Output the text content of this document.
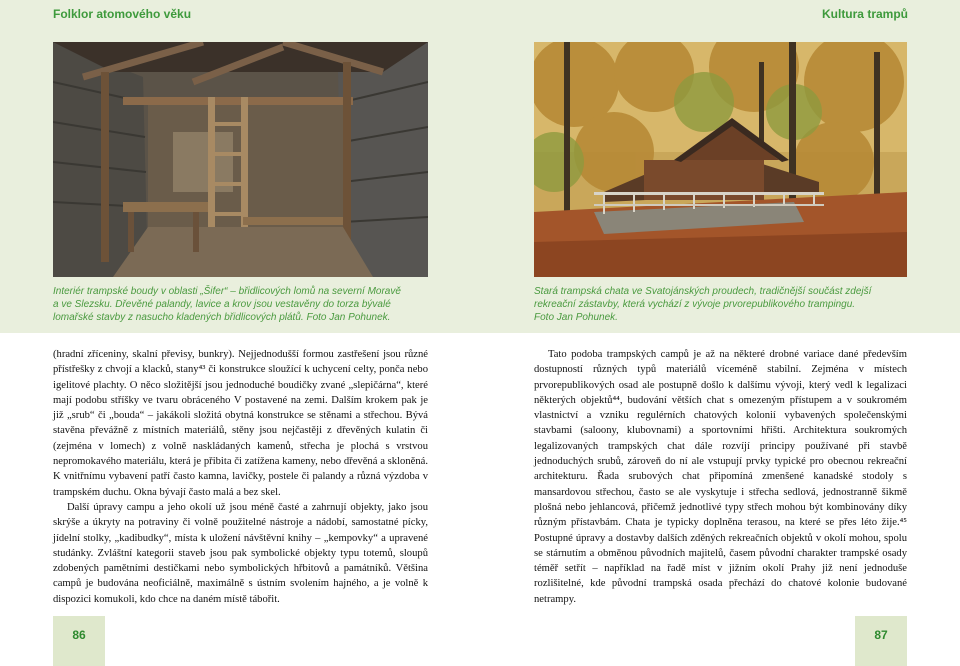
Folklor atomového věku	Kultura trampů
Interiér trampské boudy v oblasti „Šifer“ – břidlicových lomů na severní Moravě
a ve Slezsku. Dřevěné palandy, lavice a krov jsou vestavěny do torza bývalé
lomařské stavby z nasucho kladených břidlicových plátů. Foto Jan Pohunek.
Stará trampská chata ve Svatojánských proudech, tradičnější součást zdejší
rekreační zástavby, která vychází z vývoje prvorepublikového trampingu.
Foto Jan Pohunek.

(hradní zříceniny, skalní převisy, bunkry). Nejjednodušší formou zastřešení jsou různé přístřešky z chvojí a klacků, stany⁴³ či konstrukce sloužící k uchycení celty, ponča nebo igelitové plachty. O něco složitější jsou jednoduché boudičky zvané „slepičárna“, které mají podobu stříšky ve tvaru obráceného V postavené na zemi. Dalším krokem pak je již „srub“ či „bouda“ – jakákoli složitá obytná konstrukce se stěnami a střechou. Bývá stavěna převážně z místních materiálů, stěny jsou nejčastěji z dřevěných kulatin či (zejména v lomech) z volně naskládaných kamenů, střecha je plochá s vrstvou nepromokavého materiálu, která je přibita či zatížena kameny, nebo dřevěná a skloněná. K vnitřnímu vybavení patří často kamna, lavičky, postele či palandy a různá výzdoba v trampském duchu. Okna bývají často malá a bez skel.

Další úpravy campu a jeho okolí už jsou méně časté a zahrnují objekty, jako jsou skrýše a úkryty na potraviny či volně použitelné nástroje a nádobí, samostatné pícky, jídelní stolky, „kadibudky“, místa k uložení návštěvní knihy – „kempovky“ a upravené studánky. Zvláštní kategorii staveb jsou pak symbolické objekty typu totemů, sloupů zdobených pamětními destičkami nebo symbolických hřbitovů a památníků. Většina campů je budována neoficiálně, maximálně s ústním svolením hajného, a je volně k dispozici komukoli, kdo chce na daném místě tábořit.

Tato podoba trampských campů je až na některé drobné variace dané především dostupností různých typů materiálů víceméně stabilní. Zejména v místech prvorepublikových osad ale postupně došlo k dalšímu vývoji, který vedl k legalizaci některých objektů⁴⁴, budování větších chat s omezeným přístupem a v soukromém vlastnictví a vzniku regulérních chatových kolonií vybavených společenskými stavbami (saloony, klubovnami) a sportovními hřišti. Architektura soukromých legalizovaných trampských chat dále rozvíjí principy používané při stavbě jednoduchých srubů, zároveň do ní ale vstupují prvky typické pro obecnou rekreační architekturu. Řada srubových chat připomíná zmenšené kanadské stodoly s mansardovou střechou, často se ale vyskytuje i střecha sedlová, jednostranně šikmě plošná nebo jehlancová, přičemž jednotlivé typy střech mohou být kombinovány díky různým přístavbám. Chata je typicky doplněna terasou, na které se přes léto žije.⁴⁵ Postupné úpravy a dostavby dalších zděných rekreačních objektů v okolí mohou, spolu se stárnutím a obměnou původních majitelů, časem původní charakter trampské osady téměř setřít – například na řadě míst v jižním okolí Prahy již není jednoduše rozlišitelné, kde původní trampská osada přechází do chatové kolonie budované netrampy.

86	87
